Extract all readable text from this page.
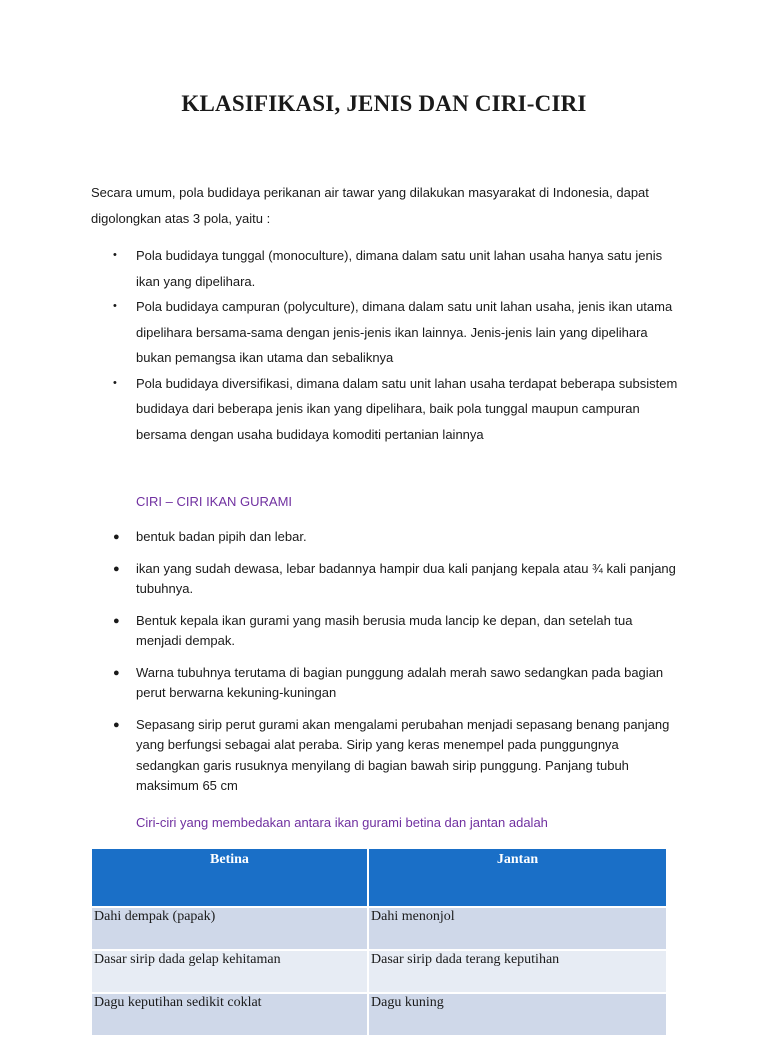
KLASIFIKASI, JENIS DAN CIRI-CIRI

Secara umum, pola budidaya perikanan air tawar yang dilakukan masyarakat di Indonesia, dapat digolongkan atas 3 pola, yaitu :

• Pola budidaya tunggal (monoculture), dimana dalam satu unit lahan usaha hanya satu jenis ikan yang dipelihara.
• Pola budidaya campuran (polyculture), dimana dalam satu unit lahan usaha, jenis ikan utama dipelihara bersama-sama dengan jenis-jenis ikan lainnya. Jenis-jenis lain yang dipelihara bukan pemangsa ikan utama dan sebaliknya
• Pola budidaya diversifikasi, dimana dalam satu unit lahan usaha terdapat beberapa subsistem budidaya dari beberapa jenis ikan yang dipelihara, baik pola tunggal maupun campuran bersama dengan usaha budidaya komoditi pertanian lainnya

CIRI – CIRI IKAN GURAMI

● bentuk badan pipih dan lebar.
● ikan yang sudah dewasa, lebar badannya hampir dua kali panjang kepala atau ¾ kali panjang tubuhnya.
● Bentuk kepala ikan gurami yang masih berusia muda lancip ke depan, dan setelah tua menjadi dempak.
● Warna tubuhnya terutama di bagian punggung adalah merah sawo sedangkan pada bagian perut berwarna kekuning-kuningan
● Sepasang sirip perut gurami akan mengalami perubahan menjadi sepasang benang panjang yang berfungsi sebagai alat peraba. Sirip yang keras menempel pada punggungnya sedangkan garis rusuknya menyilang di bagian bawah sirip punggung. Panjang tubuh maksimum 65 cm

Ciri-ciri yang membedakan antara ikan gurami betina dan jantan adalah

Betina	Jantan
Dahi dempak (papak)	Dahi menonjol
Dasar sirip dada gelap kehitaman	Dasar sirip dada terang keputihan
Dagu keputihan sedikit coklat	Dagu kuning
